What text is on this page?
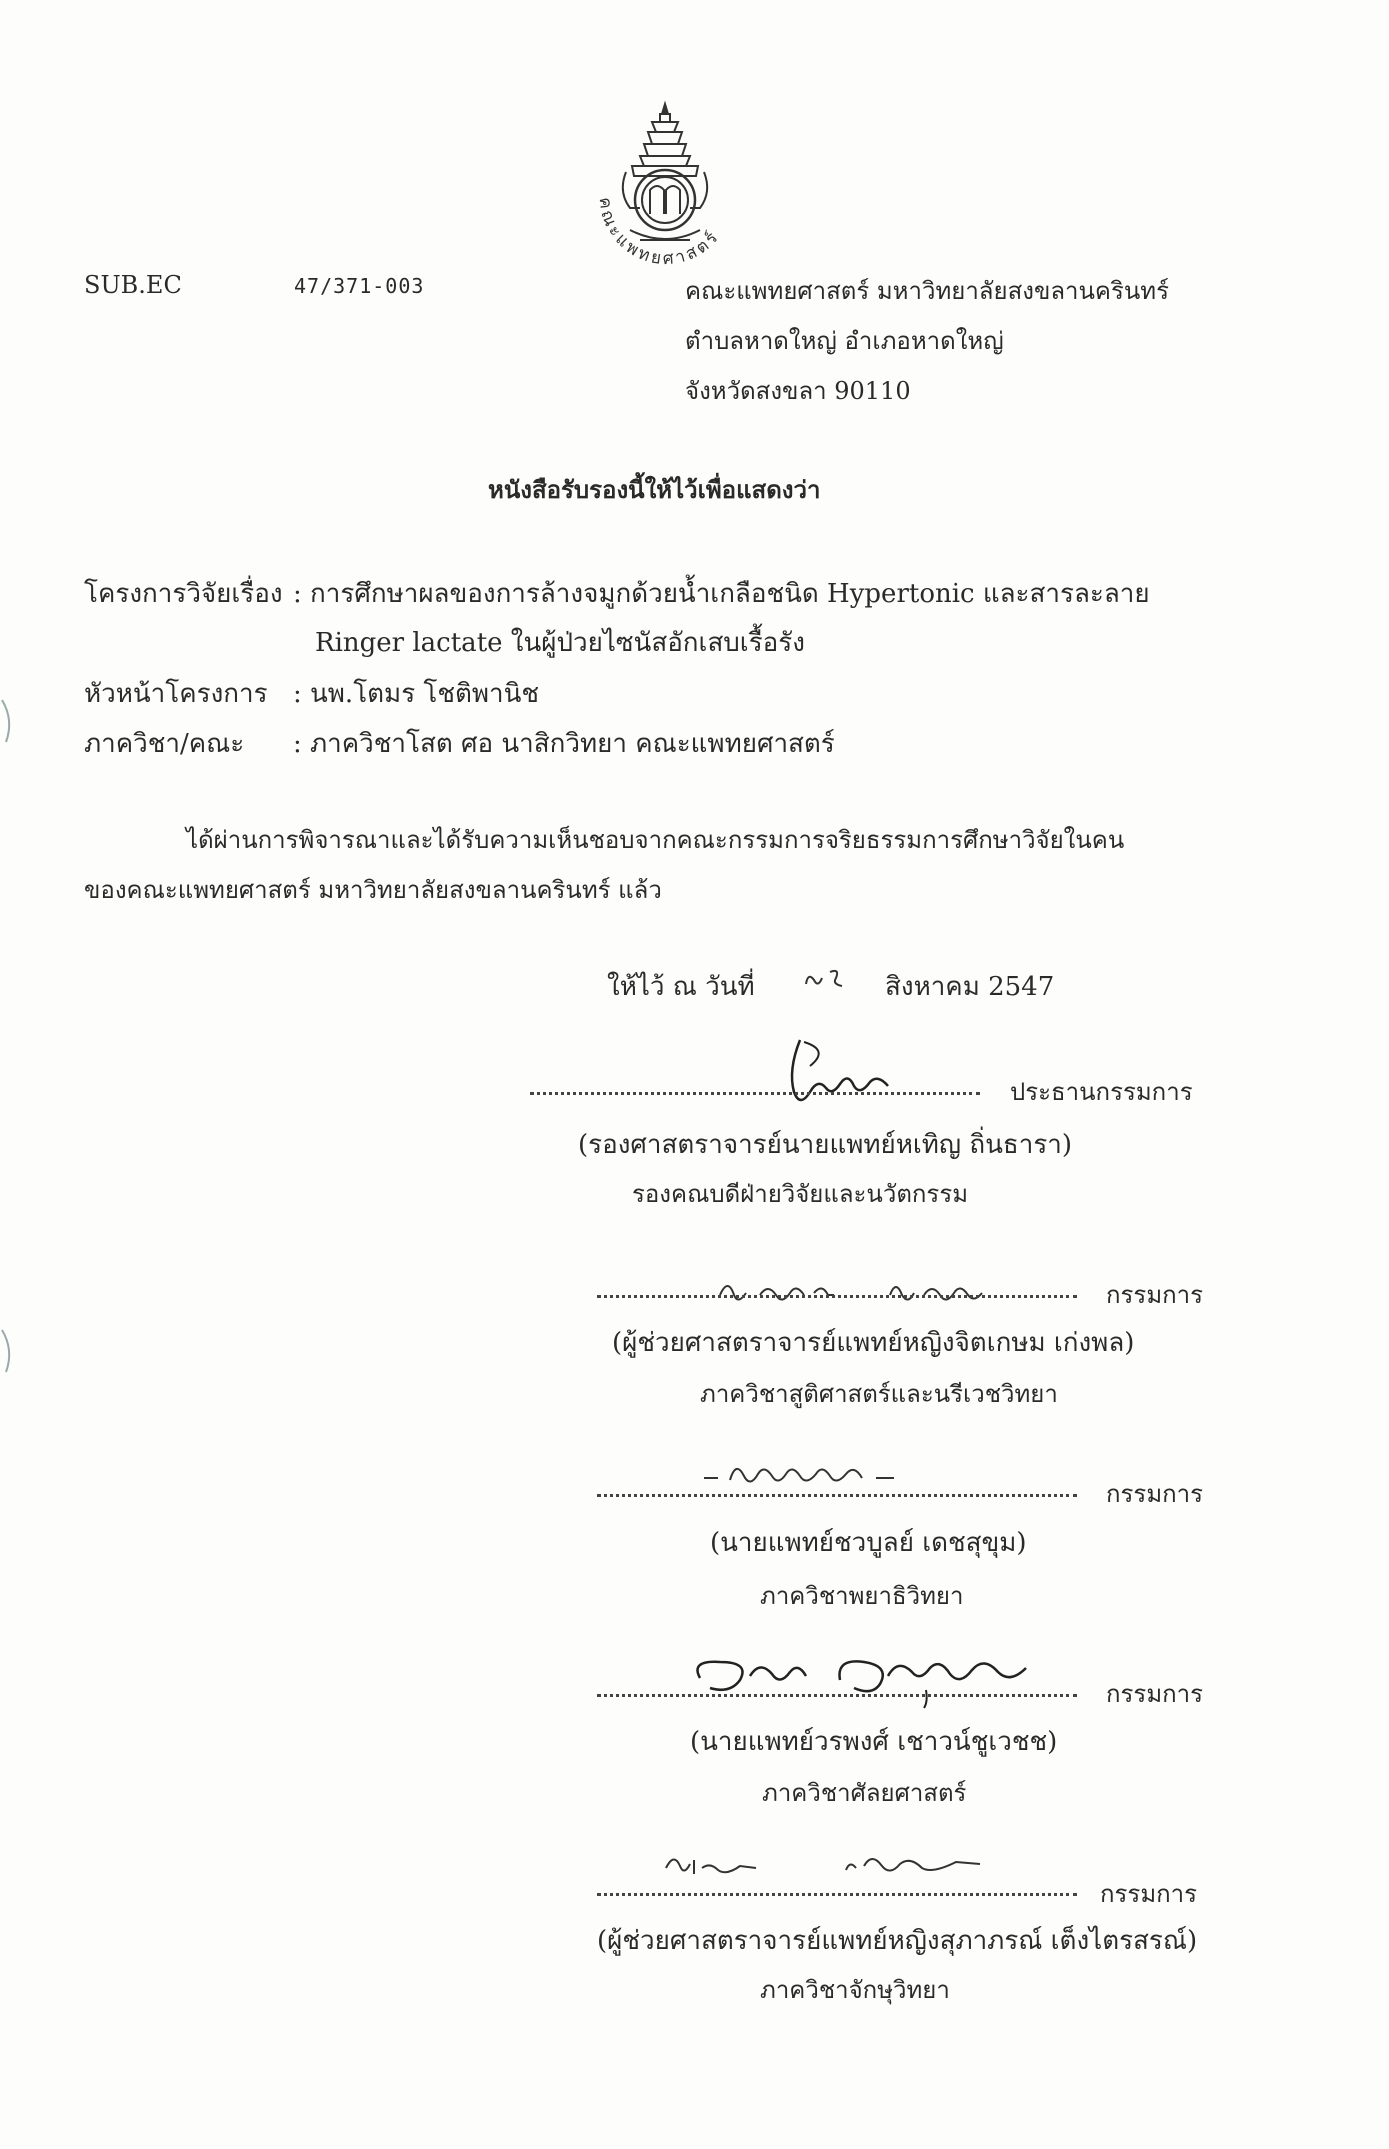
คณะแพทยศาสตร์
SUB.EC	47/371-003	คณะแพทยศาสตร์ มหาวิทยาลัยสงขลานครินทร์
ตำบลหาดใหญ่ อำเภอหาดใหญ่
จังหวัดสงขลา 90110
หนังสือรับรองนี้ให้ไว้เพื่อแสดงว่า
โครงการวิจัยเรื่อง : การศึกษาผลของการล้างจมูกด้วยน้ำเกลือชนิด Hypertonic และสารละลาย
Ringer lactate ในผู้ป่วยไซนัสอักเสบเรื้อรัง
หัวหน้าโครงการ : นพ.โตมร โชติพานิช
ภาควิชา/คณะ : ภาควิชาโสต ศอ นาสิกวิทยา คณะแพทยศาสตร์
ได้ผ่านการพิจารณาและได้รับความเห็นชอบจากคณะกรรมการจริยธรรมการศึกษาวิจัยในคน
ของคณะแพทยศาสตร์ มหาวิทยาลัยสงขลานครินทร์ แล้ว
ให้ไว้ ณ วันที่	สิงหาคม 2547
ประธานกรรมการ
(รองศาสตราจารย์นายแพทย์หเทิญ ถิ่นธารา)
รองคณบดีฝ่ายวิจัยและนวัตกรรม
กรรมการ
(ผู้ช่วยศาสตราจารย์แพทย์หญิงจิตเกษม เก่งพล)
ภาควิชาสูติศาสตร์และนรีเวชวิทยา
กรรมการ
(นายแพทย์ชวบูลย์ เดชสุขุม)
ภาควิชาพยาธิวิทยา
กรรมการ
(นายแพทย์วรพงศ์ เชาวน์ชูเวชช)
ภาควิชาศัลยศาสตร์
กรรมการ
(ผู้ช่วยศาสตราจารย์แพทย์หญิงสุภาภรณ์ เต็งไตรสรณ์)
ภาควิชาจักษุวิทยา
